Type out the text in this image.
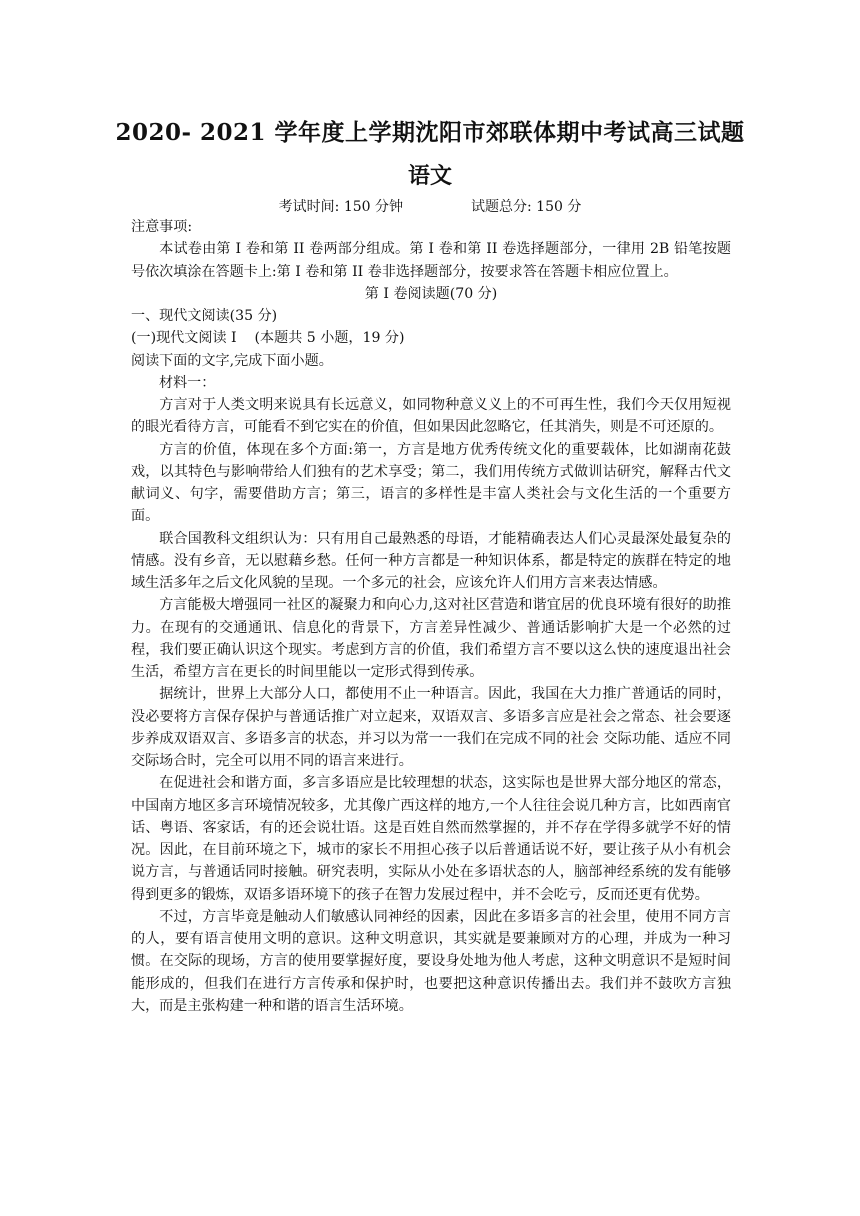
2020- 2021 学年度上学期沈阳市郊联体期中考试高三试题
语文
考试时间: 150 分钟	试题总分: 150 分

注意事项:

本试卷由第 I 卷和第 II 卷两部分组成。第 I 卷和第 II 卷选择题部分，一律用 2B 铅笔按题号依次填涂在答题卡上:第 I 卷和第 II 卷非选择题部分，按要求答在答题卡相应位置上。

第 I 卷阅读题(70 分)

一、现代文阅读(35 分)

(一)现代文阅读 I    (本题共 5 小题，19 分)

阅读下面的文字,完成下面小题。

材料一：

方言对于人类文明来说具有长远意义，如同物种意义义上的不可再生性，我们今天仅用短视的眼光看待方言，可能看不到它实在的价值，但如果因此忽略它，任其消失，则是不可还原的。

方言的价值，体现在多个方面:第一，方言是地方优秀传统文化的重要载体，比如湖南花鼓戏，以其特色与影响带给人们独有的艺术享受；第二，我们用传统方式做训诂研究，解释古代文献词义、句字，需要借助方言；第三，语言的多样性是丰富人类社会与文化生活的一个重要方面。

联合国教科文组织认为：只有用自己最熟悉的母语，才能精确表达人们心灵最深处最复杂的情感。没有乡音，无以慰藉乡愁。任何一种方言都是一种知识体系，都是特定的族群在特定的地域生活多年之后文化风貌的呈现。一个多元的社会，应该允许人们用方言来表达情感。

方言能极大增强同一社区的凝聚力和向心力,这对社区营造和谐宜居的优良环境有很好的助推力。在现有的交通通讯、信息化的背景下，方言差异性减少、普通话影响扩大是一个必然的过程，我们要正确认识这个现实。考虑到方言的价值，我们希望方言不要以这么快的速度退出社会生活，希望方言在更长的时间里能以一定形式得到传承。

据统计，世界上大部分人口，都使用不止一种语言。因此，我国在大力推广普通话的同时，没必要将方言保存保护与普通话推广对立起来，双语双言、多语多言应是社会之常态、社会要逐步养成双语双言、多语多言的状态，并习以为常一一我们在完成不同的社会 交际功能、适应不同交际场合时，完全可以用不同的语言来进行。

在促进社会和谐方面，多言多语应是比较理想的状态，这实际也是世界大部分地区的常态，中国南方地区多言环境情况较多，尤其像广西这样的地方,一个人往往会说几种方言，比如西南官话、粤语、客家话，有的还会说壮语。这是百姓自然而然掌握的，并不存在学得多就学不好的情况。因此，在目前环境之下，城市的家长不用担心孩子以后普通话说不好，要让孩子从小有机会说方言，与普通话同时接触。研究表明，实际从小处在多语状态的人，脑部神经系统的发有能够得到更多的锻炼，双语多语环境下的孩子在智力发展过程中，并不会吃亏，反而还更有优势。

不过，方言毕竟是触动人们敏感认同神经的因素，因此在多语多言的社会里，使用不同方言的人，要有语言使用文明的意识。这种文明意识，其实就是要兼顾对方的心理，并成为一种习惯。在交际的现场，方言的使用要掌握好度，要设身处地为他人考虑，这种文明意识不是短时间能形成的，但我们在进行方言传承和保护时，也要把这种意识传播出去。我们并不鼓吹方言独大，而是主张构建一种和谐的语言生活环境。
